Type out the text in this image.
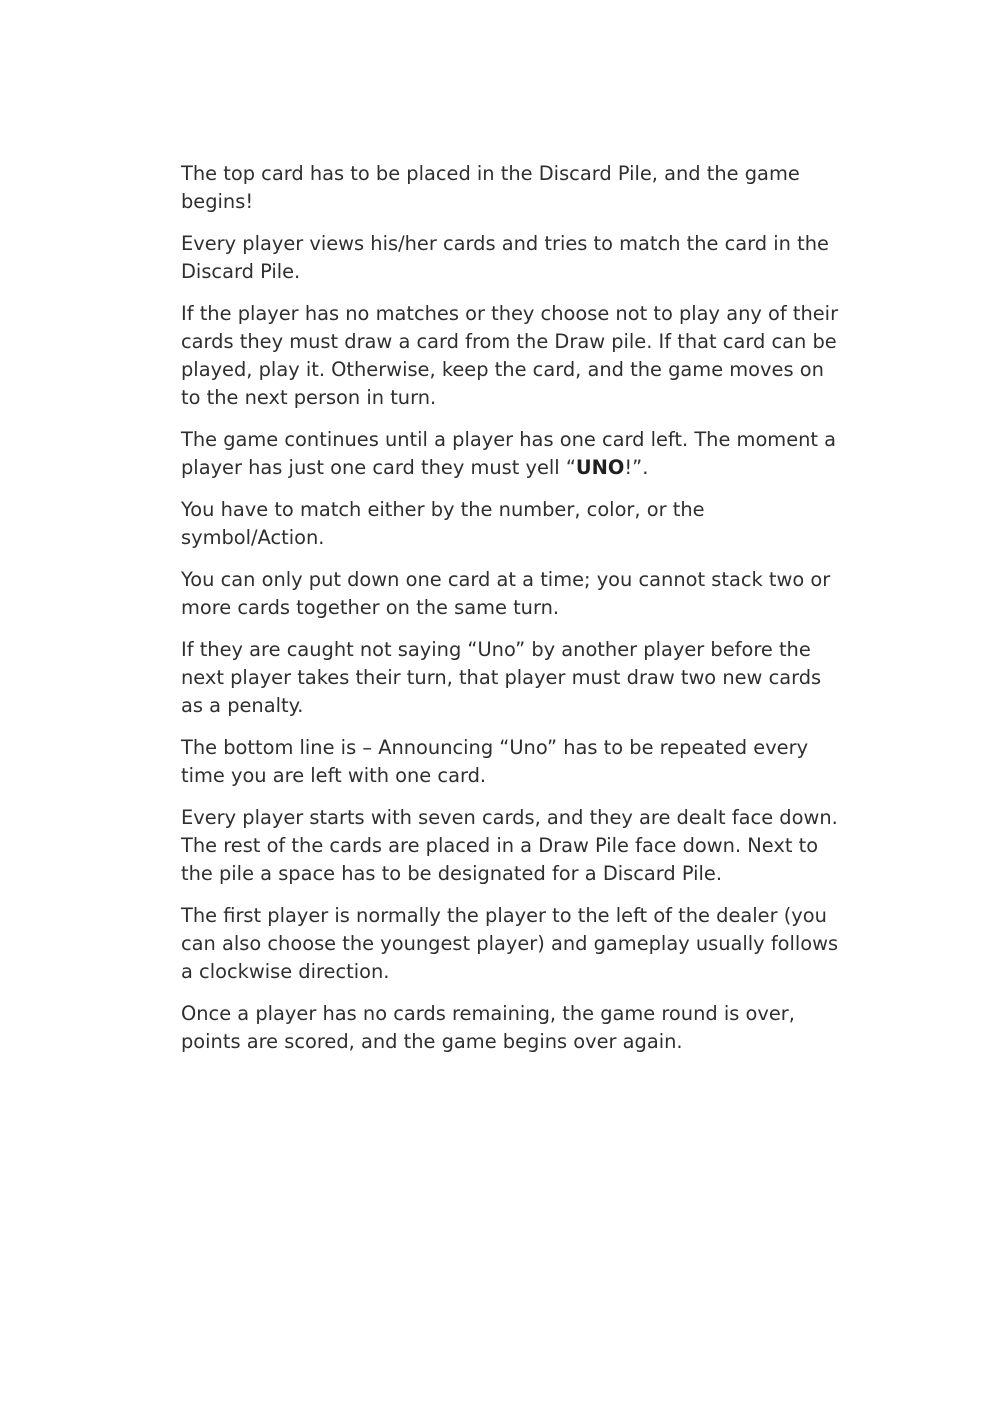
The top card has to be placed in the Discard Pile, and the game
begins!

Every player views his/her cards and tries to match the card in the
Discard Pile.

If the player has no matches or they choose not to play any of their
cards they must draw a card from the Draw pile. If that card can be
played, play it. Otherwise, keep the card, and the game moves on
to the next person in turn.

The game continues until a player has one card left. The moment a
player has just one card they must yell “UNO!”.

You have to match either by the number, color, or the
symbol/Action.

You can only put down one card at a time; you cannot stack two or
more cards together on the same turn.

If they are caught not saying “Uno” by another player before the
next player takes their turn, that player must draw two new cards
as a penalty.

The bottom line is – Announcing “Uno” has to be repeated every
time you are left with one card.

Every player starts with seven cards, and they are dealt face down.
The rest of the cards are placed in a Draw Pile face down. Next to
the pile a space has to be designated for a Discard Pile.

The first player is normally the player to the left of the dealer (you
can also choose the youngest player) and gameplay usually follows
a clockwise direction.

Once a player has no cards remaining, the game round is over,
points are scored, and the game begins over again.
